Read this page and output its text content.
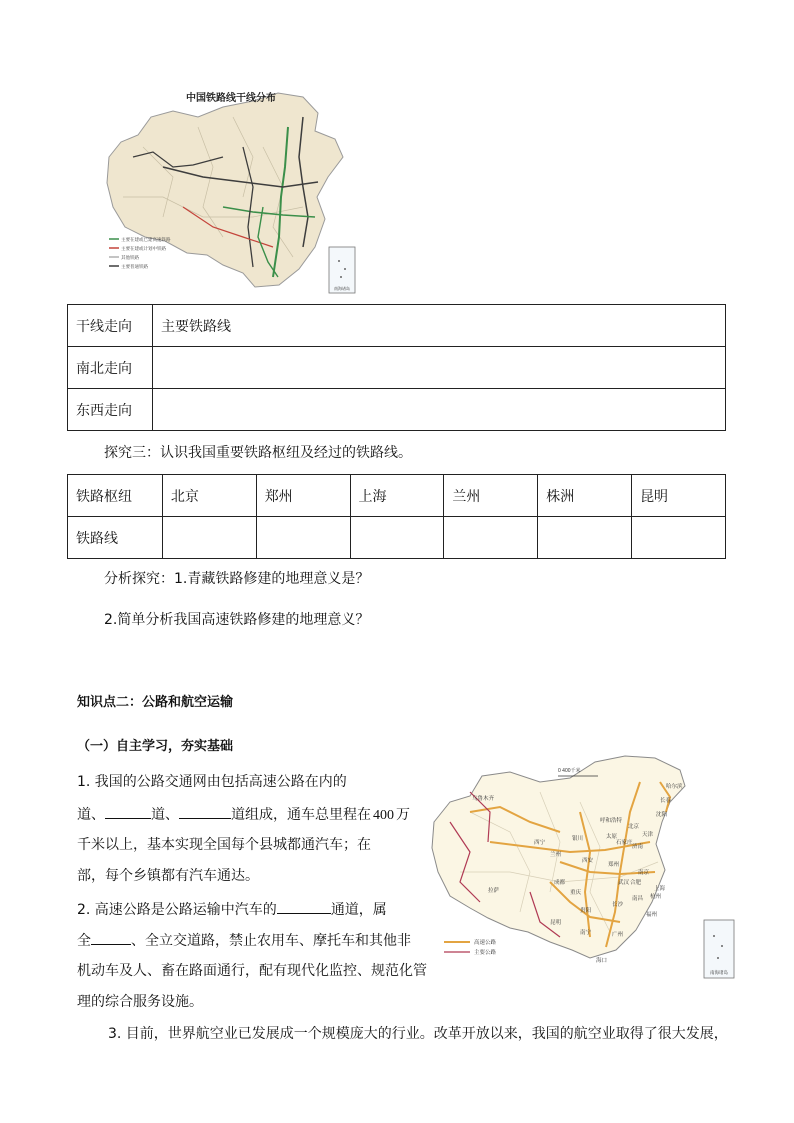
中国铁路线干线分布
主要在建或已建高速铁路
主要在建或计划中铁路
其他铁路
主要普通铁路
南海诸岛
干线走向	主要铁路线
南北走向	
东西走向	
探究三：认识我国重要铁路枢纽及经过的铁路线。
铁路枢纽	北京	郑州	上海	兰州	株洲	昆明
铁路线						
分析探究：1.青藏铁路修建的地理意义是？
2.简单分析我国高速铁路修建的地理意义？
知识点二：公路和航空运输
（一）自主学习，夯实基础
1. 我国的公路交通网由包括高速公路在内的
道、	道、	道组成，通车总里程在 400 万
千米以上，基本实现全国每个县城都通汽车；在
部，每个乡镇都有汽车通达。
2. 高速公路是公路运输中汽车的	通道，属
全	、全立交道路，禁止农用车、摩托车和其他非
机动车及人、畜在路面通行，配有现代化监控、规范化管
理的综合服务设施。
3. 目前，世界航空业已发展成一个规模庞大的行业。改革开放以来，我国的航空业取得了很大发展，
0 400千米
北京
天津
上海
郑州
成都
重庆
长沙
西安
兰州
拉萨
昆明
乌鲁木齐
哈尔滨
长春
沈阳
呼和浩特
银川
武汉
广州
南宁
贵阳
福州
南昌 杭州
南京
合肥
济南
石家庄
太原
海口
西宁
高速公路
主要公路
南海诸岛
